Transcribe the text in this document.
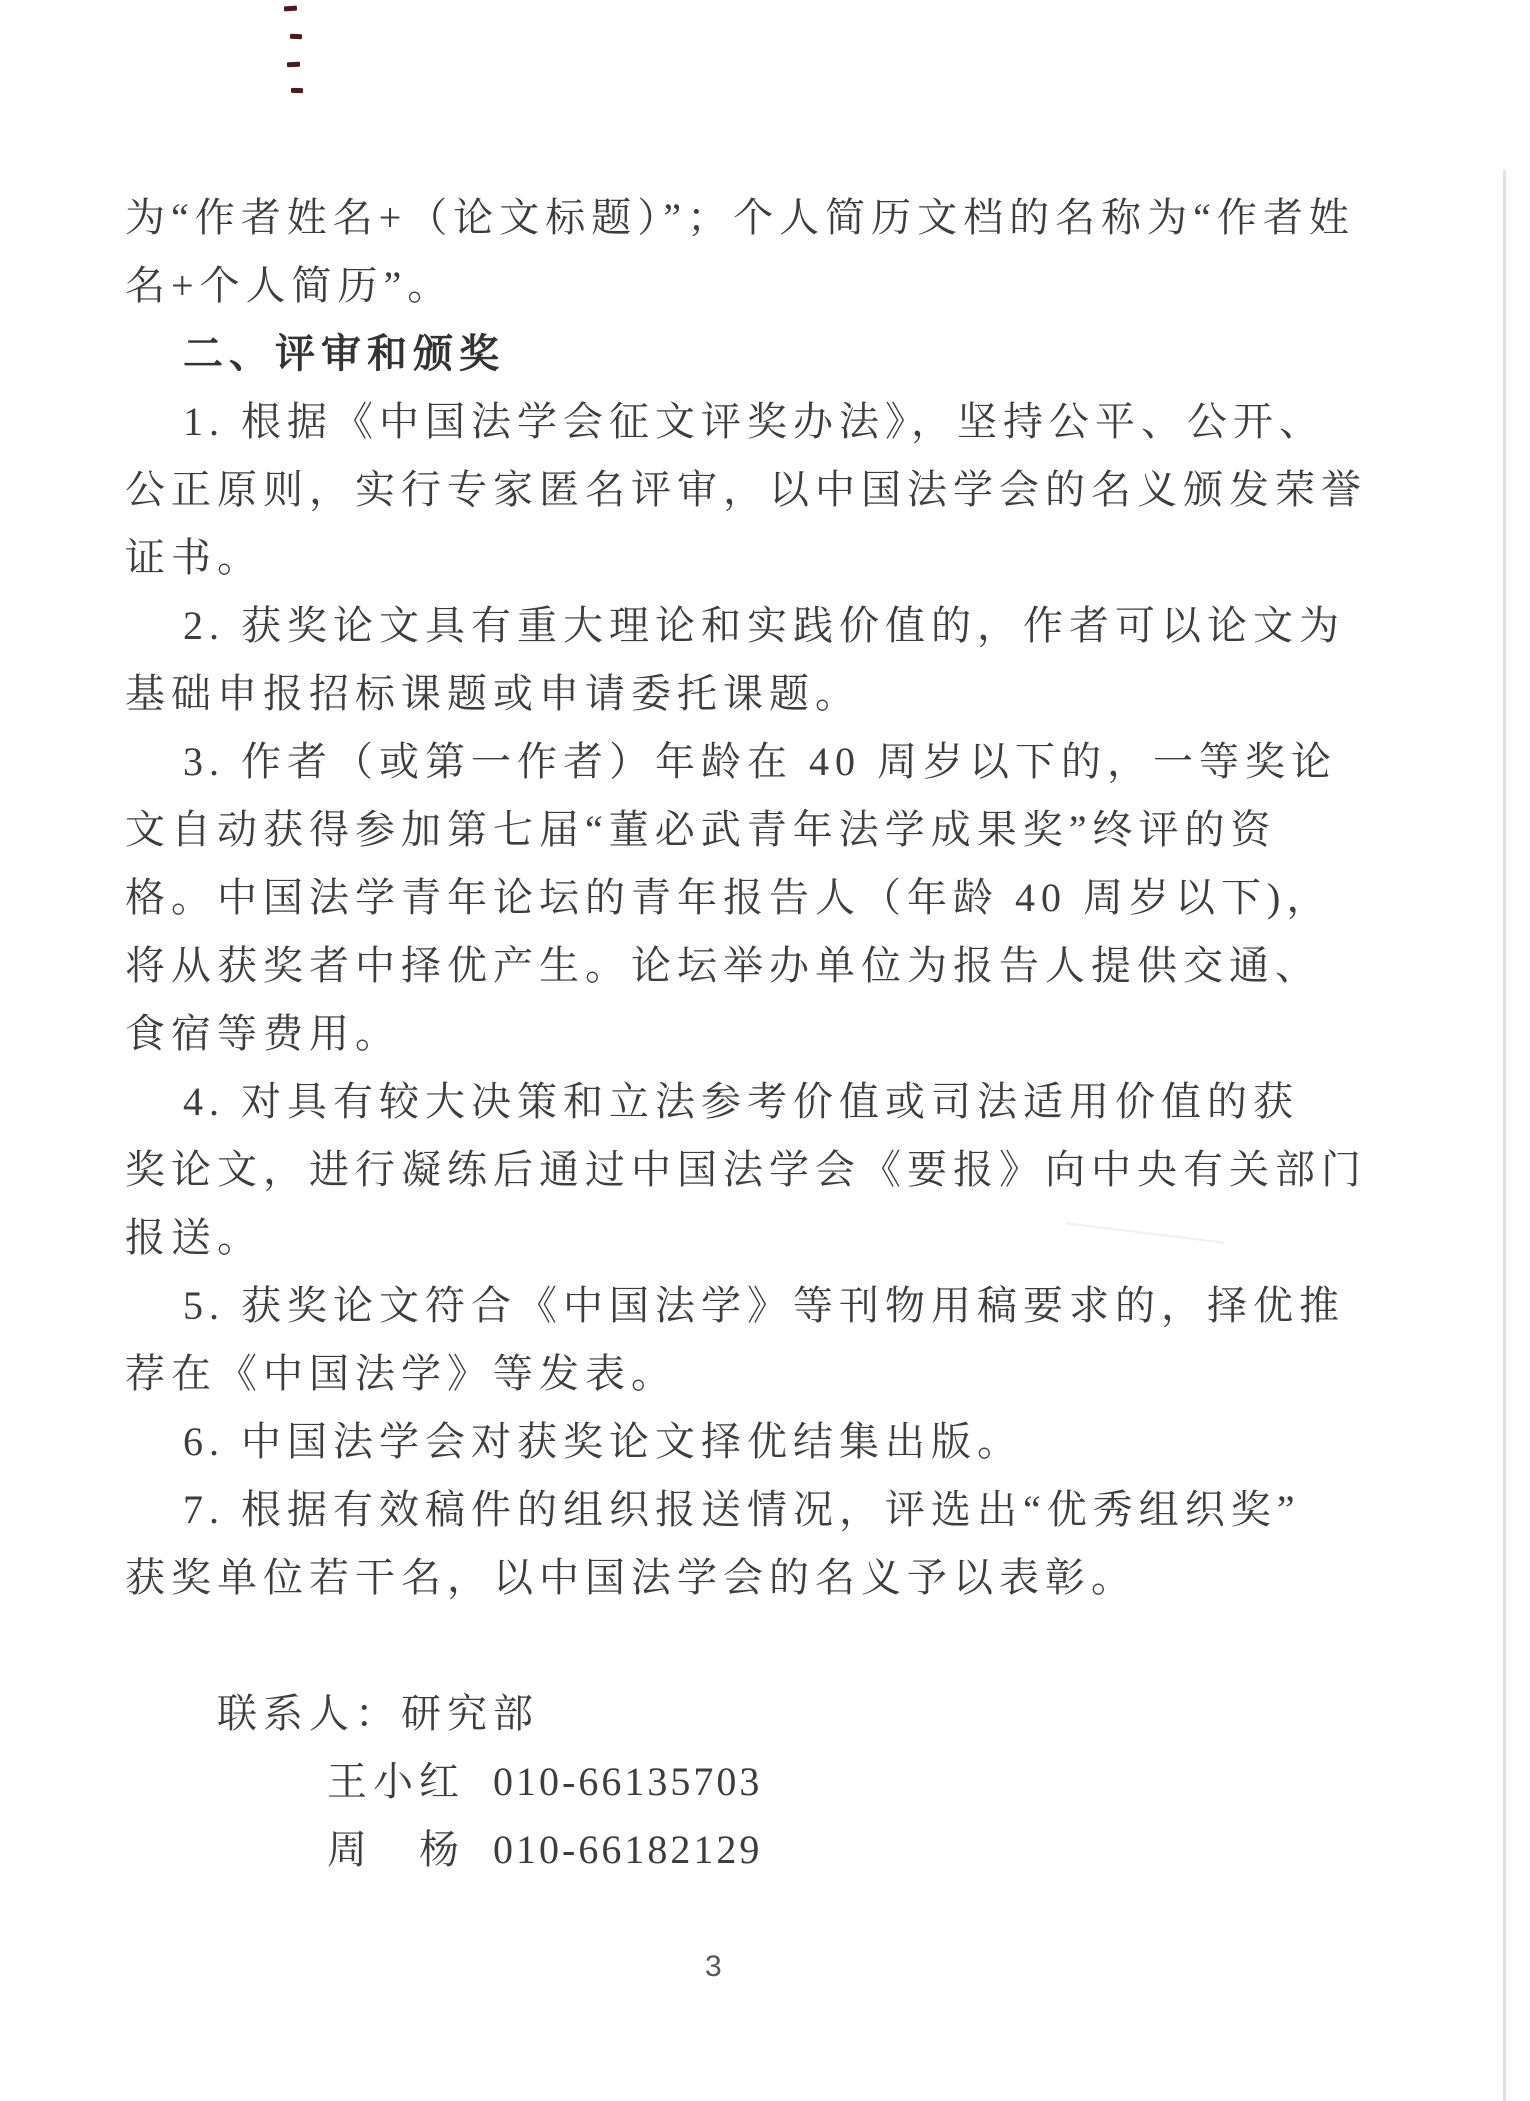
为“作者姓名+（论文标题）”；个人简历文档的名称为“作者姓
名+个人简历”。
二、评审和颁奖
1. 根据《中国法学会征文评奖办法》，坚持公平、公开、
公正原则，实行专家匿名评审，以中国法学会的名义颁发荣誉
证书。
2. 获奖论文具有重大理论和实践价值的，作者可以论文为
基础申报招标课题或申请委托课题。
3. 作者（或第一作者）年龄在 40 周岁以下的，一等奖论
文自动获得参加第七届“董必武青年法学成果奖”终评的资
格。中国法学青年论坛的青年报告人（年龄 40 周岁以下)，
将从获奖者中择优产生。论坛举办单位为报告人提供交通、
食宿等费用。
4. 对具有较大决策和立法参考价值或司法适用价值的获
奖论文，进行凝练后通过中国法学会《要报》向中央有关部门
报送。
5. 获奖论文符合《中国法学》等刊物用稿要求的，择优推
荐在《中国法学》等发表。
6. 中国法学会对获奖论文择优结集出版。
7. 根据有效稿件的组织报送情况，评选出“优秀组织奖”
获奖单位若干名，以中国法学会的名义予以表彰。
联系人：研究部
王小红 010-66135703
周　杨 010-66182129
3
